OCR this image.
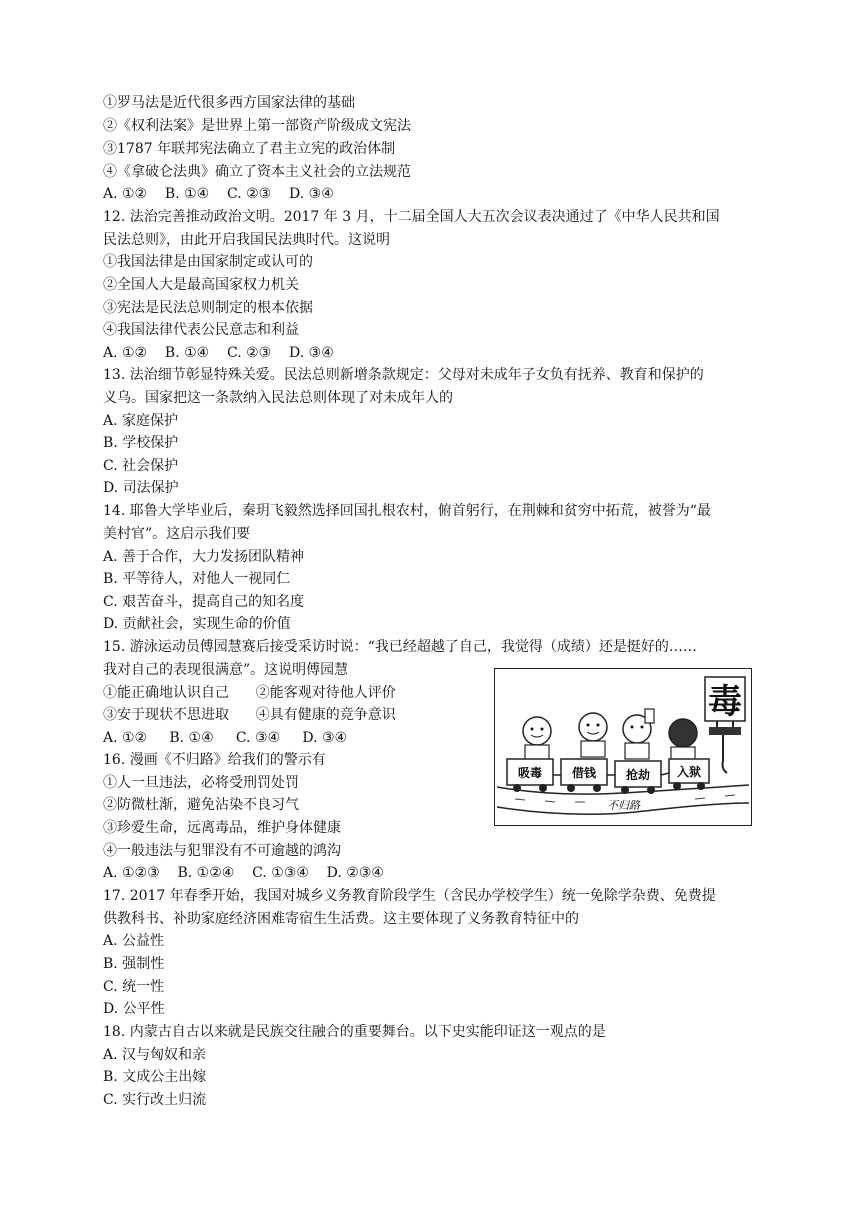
①罗马法是近代很多西方国家法律的基础
②《权利法案》是世界上第一部资产阶级成文宪法
③1787 年联邦宪法确立了君主立宪的政治体制
④《拿破仑法典》确立了资本主义社会的立法规范
A. ①②    B. ①④    C. ②③    D. ③④
12. 法治完善推动政治文明。2017 年 3 月，十二届全国人大五次会议表决通过了《中华人民共和国
民法总则》，由此开启我国民法典时代。这说明
①我国法律是由国家制定或认可的
②全国人大是最高国家权力机关
③宪法是民法总则制定的根本依据
④我国法律代表公民意志和利益
A. ①②    B. ①④    C. ②③    D. ③④
13. 法治细节彰显特殊关爱。民法总则新增条款规定：父母对未成年子女负有抚养、教育和保护的
义乌。国家把这一条款纳入民法总则体现了对未成年人的
A. 家庭保护
B. 学校保护
C. 社会保护
D. 司法保护
14. 耶鲁大学毕业后，秦玥飞毅然选择回国扎根农村，俯首躬行，在荆棘和贫穷中拓荒，被誉为“最
美村官”。这启示我们要
A. 善于合作，大力发扬团队精神
B. 平等待人，对他人一视同仁
C. 艰苦奋斗，提高自己的知名度
D. 贡献社会，实现生命的价值
15. 游泳运动员傅园慧赛后接受采访时说：“我已经超越了自己，我觉得（成绩）还是挺好的……
我对自己的表现很满意”。这说明傅园慧
①能正确地认识自己      ②能客观对待他人评价
③安于现状不思进取      ④具有健康的竞争意识
A. ①②     B. ①④     C. ③④     D. ③④
16. 漫画《不归路》给我们的警示有
①人一旦违法，必将受刑罚处罚
②防微杜渐，避免沾染不良习气
③珍爱生命，远离毒品，维护身体健康
④一般违法与犯罪没有不可逾越的鸿沟
A. ①②③    B. ①②④    C. ①③④    D. ②③④
17. 2017 年春季开始，我国对城乡义务教育阶段学生（含民办学校学生）统一免除学杂费、免费提
供教科书、补助家庭经济困难寄宿生生活费。这主要体现了义务教育特征中的
A. 公益性
B. 强制性
C. 统一性
D. 公平性
18. 内蒙古自古以来就是民族交往融合的重要舞台。以下史实能印证这一观点的是
A. 汉与匈奴和亲
B. 文成公主出嫁
C. 实行改土归流
毒
吸毒 借钱 抢劫 入狱
不归路
